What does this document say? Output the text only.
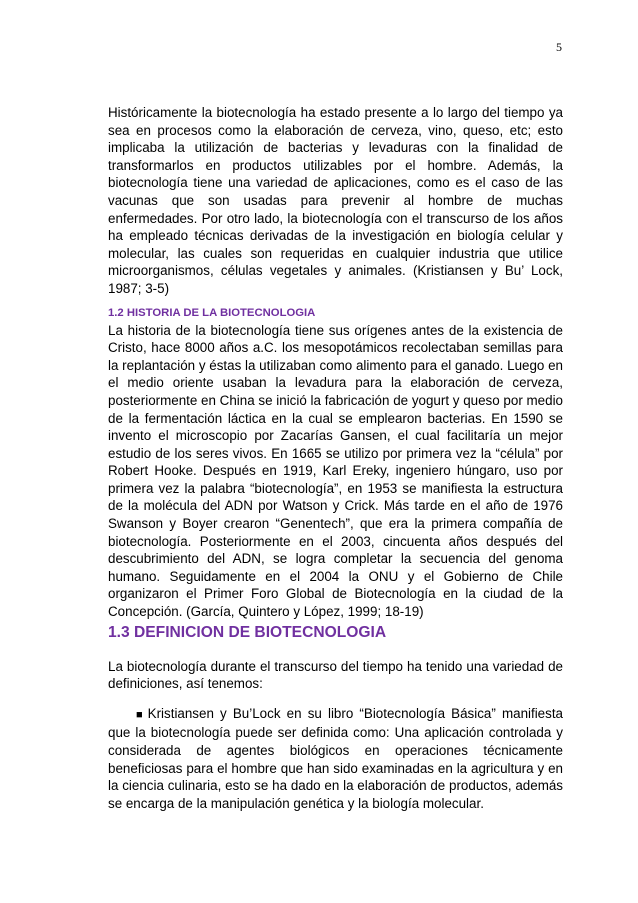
5

Históricamente la biotecnología ha estado presente a lo largo del tiempo ya sea en procesos como la elaboración de cerveza, vino, queso, etc; esto implicaba la utilización de bacterias y levaduras con la finalidad de transformarlos en productos utilizables por el hombre. Además, la biotecnología tiene una variedad de aplicaciones, como es el caso de las vacunas que son usadas para prevenir al hombre de muchas enfermedades. Por otro lado, la biotecnología con el transcurso de los años ha empleado técnicas derivadas de la investigación en biología celular y molecular, las cuales son requeridas en cualquier industria que utilice microorganismos, células vegetales y animales. (Kristiansen y Bu’ Lock, 1987; 3-5)

1.2 HISTORIA DE LA BIOTECNOLOGIA

La historia de la biotecnología tiene sus orígenes antes de la existencia de Cristo, hace 8000 años a.C. los mesopotámicos recolectaban semillas para la replantación y éstas la utilizaban como alimento para el ganado. Luego en el medio oriente usaban la levadura para la elaboración de cerveza, posteriormente en China se inició la fabricación de yogurt y queso por medio de la fermentación láctica en la cual se emplearon bacterias. En 1590 se invento el microscopio por Zacarías Gansen, el cual facilitaría un mejor estudio de los seres vivos. En 1665 se utilizo por primera vez la “célula” por Robert Hooke. Después en 1919, Karl Ereky, ingeniero húngaro, uso por primera vez la palabra “biotecnología”, en 1953 se manifiesta la estructura de la molécula del ADN por Watson y Crick. Más tarde en el año de 1976 Swanson y Boyer crearon “Genentech”, que era la primera compañía de biotecnología. Posteriormente en el 2003, cincuenta años después del descubrimiento del ADN, se logra completar la secuencia del genoma humano. Seguidamente en el 2004 la ONU y el Gobierno de Chile organizaron el Primer Foro Global de Biotecnología en la ciudad de la Concepción. (García, Quintero y López, 1999; 18-19)

1.3 DEFINICION DE BIOTECNOLOGIA

La biotecnología durante el transcurso del tiempo ha tenido una variedad de definiciones, así tenemos:

■ Kristiansen y Bu’Lock en su libro “Biotecnología Básica” manifiesta que la biotecnología puede ser definida como: Una aplicación controlada y considerada de agentes biológicos en operaciones técnicamente beneficiosas para el hombre que han sido examinadas en la agricultura y en la ciencia culinaria, esto se ha dado en la elaboración de productos, además se encarga de la manipulación genética y la biología molecular.
